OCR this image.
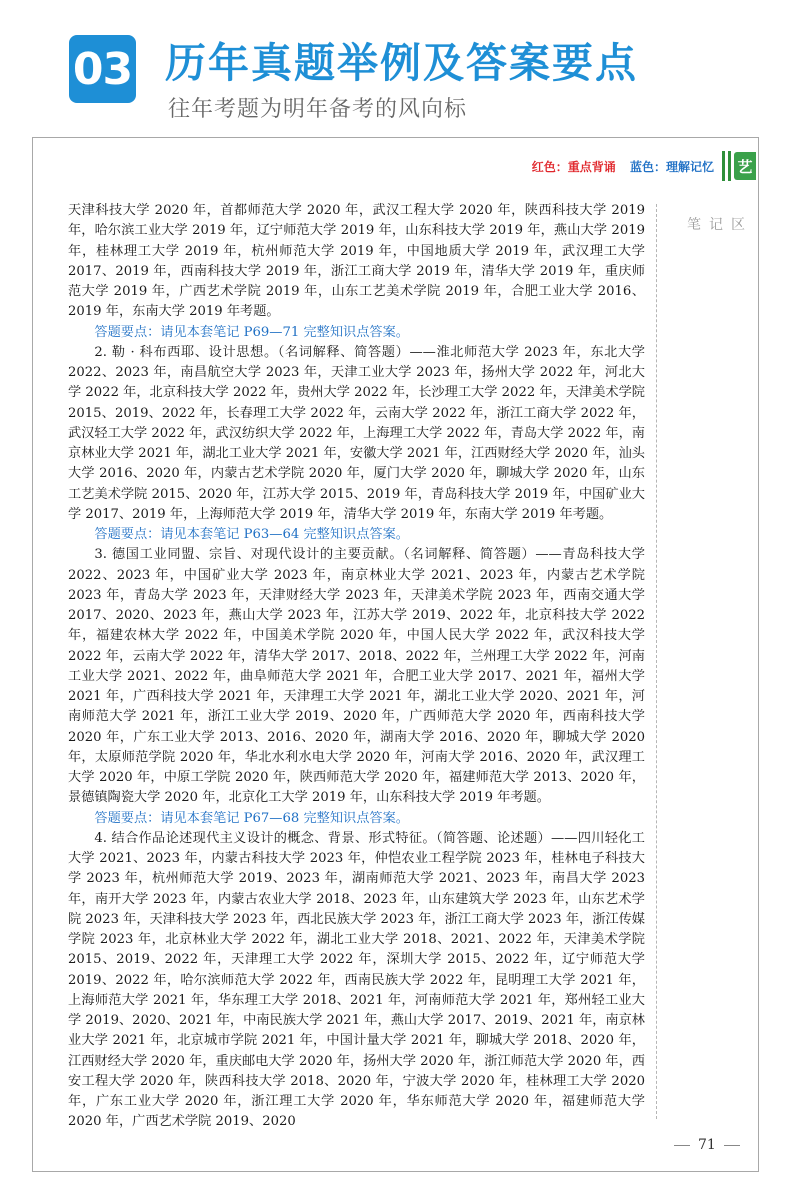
03 历年真题举例及答案要点
往年考题为明年备考的风向标
红色：重点背诵 蓝色：理解记忆 艺
笔记区

天津科技大学 2020 年，首都师范大学 2020 年，武汉工程大学 2020 年，陕西科技大学 2019 年，哈尔滨工业大学 2019 年，辽宁师范大学 2019 年，山东科技大学 2019 年，燕山大学 2019 年，桂林理工大学 2019 年，杭州师范大学 2019 年，中国地质大学 2019 年，武汉理工大学 2017、2019 年，西南科技大学 2019 年，浙江工商大学 2019 年，清华大学 2019 年，重庆师范大学 2019 年，广西艺术学院 2019 年，山东工艺美术学院 2019 年，合肥工业大学 2016、2019 年，东南大学 2019 年考题。

答题要点：请见本套笔记 P69—71 完整知识点答案。

2. 勒 · 科布西耶、设计思想。（名词解释、简答题）——淮北师范大学 2023 年，东北大学 2022、2023 年，南昌航空大学 2023 年，天津工业大学 2023 年，扬州大学 2022 年，河北大学 2022 年，北京科技大学 2022 年，贵州大学 2022 年，长沙理工大学 2022 年，天津美术学院 2015、2019、2022 年，长春理工大学 2022 年，云南大学 2022 年，浙江工商大学 2022 年，武汉轻工大学 2022 年，武汉纺织大学 2022 年，上海理工大学 2022 年，青岛大学 2022 年，南京林业大学 2021 年，湖北工业大学 2021 年，安徽大学 2021 年，江西财经大学 2020 年，汕头大学 2016、2020 年，内蒙古艺术学院 2020 年，厦门大学 2020 年，聊城大学 2020 年，山东工艺美术学院 2015、2020 年，江苏大学 2015、2019 年，青岛科技大学 2019 年，中国矿业大学 2017、2019 年，上海师范大学 2019 年，清华大学 2019 年，东南大学 2019 年考题。

答题要点：请见本套笔记 P63—64 完整知识点答案。

3. 德国工业同盟、宗旨、对现代设计的主要贡献。（名词解释、简答题）——青岛科技大学 2022、2023 年，中国矿业大学 2023 年，南京林业大学 2021、2023 年，内蒙古艺术学院 2023 年，青岛大学 2023 年，天津财经大学 2023 年，天津美术学院 2023 年，西南交通大学 2017、2020、2023 年，燕山大学 2023 年，江苏大学 2019、2022 年，北京科技大学 2022 年，福建农林大学 2022 年，中国美术学院 2020 年，中国人民大学 2022 年，武汉科技大学 2022 年，云南大学 2022 年，清华大学 2017、2018、2022 年，兰州理工大学 2022 年，河南工业大学 2021、2022 年，曲阜师范大学 2021 年，合肥工业大学 2017、2021 年，福州大学 2021 年，广西科技大学 2021 年，天津理工大学 2021 年，湖北工业大学 2020、2021 年，河南师范大学 2021 年，浙江工业大学 2019、2020 年，广西师范大学 2020 年，西南科技大学 2020 年，广东工业大学 2013、2016、2020 年，湖南大学 2016、2020 年，聊城大学 2020 年，太原师范学院 2020 年，华北水利水电大学 2020 年，河南大学 2016、2020 年，武汉理工大学 2020 年，中原工学院 2020 年，陕西师范大学 2020 年，福建师范大学 2013、2020 年，景德镇陶瓷大学 2020 年，北京化工大学 2019 年，山东科技大学 2019 年考题。

答题要点：请见本套笔记 P67—68 完整知识点答案。

4. 结合作品论述现代主义设计的概念、背景、形式特征。（简答题、论述题）——四川轻化工大学 2021、2023 年，内蒙古科技大学 2023 年，仲恺农业工程学院 2023 年，桂林电子科技大学 2023 年，杭州师范大学 2019、2023 年，湖南师范大学 2021、2023 年，南昌大学 2023 年，南开大学 2023 年，内蒙古农业大学 2018、2023 年，山东建筑大学 2023 年，山东艺术学院 2023 年，天津科技大学 2023 年，西北民族大学 2023 年，浙江工商大学 2023 年，浙江传媒学院 2023 年，北京林业大学 2022 年，湖北工业大学 2018、2021、2022 年，天津美术学院 2015、2019、2022 年，天津理工大学 2022 年，深圳大学 2015、2022 年，辽宁师范大学 2019、2022 年，哈尔滨师范大学 2022 年，西南民族大学 2022 年，昆明理工大学 2021 年，上海师范大学 2021 年，华东理工大学 2018、2021 年，河南师范大学 2021 年，郑州轻工业大学 2019、2020、2021 年，中南民族大学 2021 年，燕山大学 2017、2019、2021 年，南京林业大学 2021 年，北京城市学院 2021 年，中国计量大学 2021 年，聊城大学 2018、2020 年，江西财经大学 2020 年，重庆邮电大学 2020 年，扬州大学 2020 年，浙江师范大学 2020 年，西安工程大学 2020 年，陕西科技大学 2018、2020 年，宁波大学 2020 年，桂林理工大学 2020 年，广东工业大学 2020 年，浙江理工大学 2020 年，华东师范大学 2020 年，福建师范大学 2020 年，广西艺术学院 2019、2020

71
